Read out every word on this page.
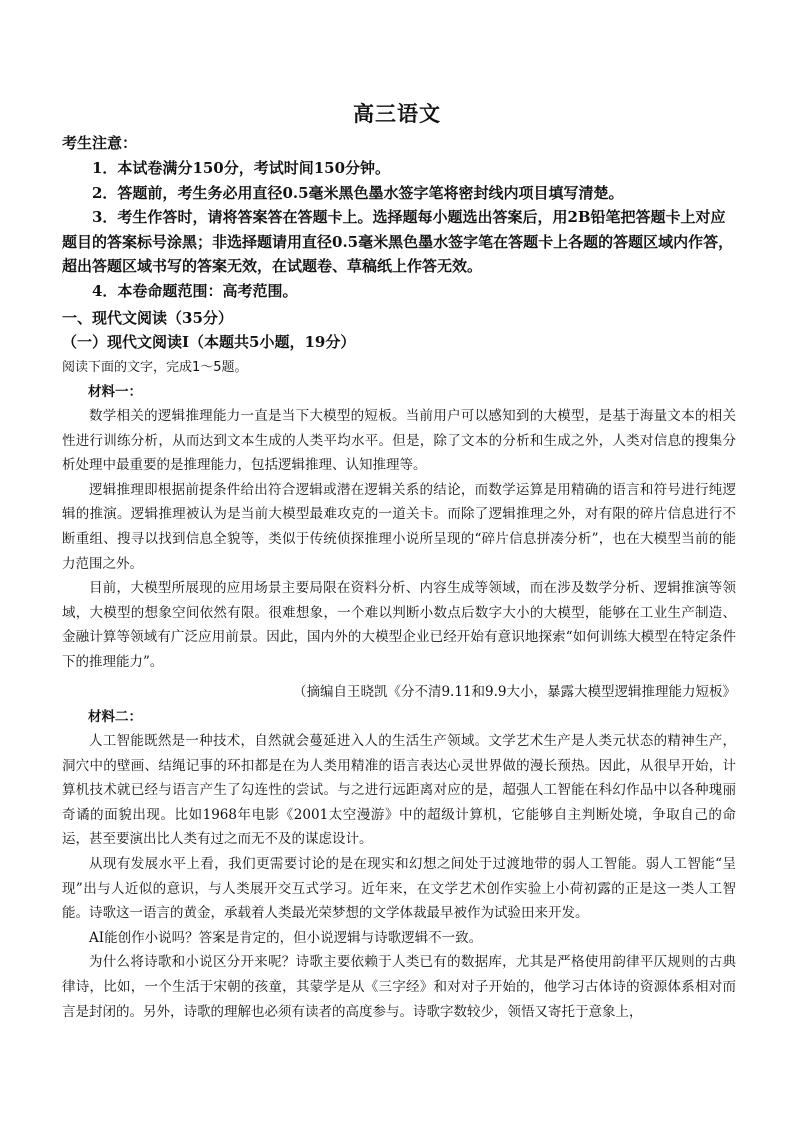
高三语文
考生注意：

1．本试卷满分150分，考试时间150分钟。

2．答题前，考生务必用直径0.5毫米黑色墨水签字笔将密封线内项目填写清楚。

3．考生作答时，请将答案答在答题卡上。选择题每小题选出答案后，用2B铅笔把答题卡上对应题目的答案标号涂黑；非选择题请用直径0.5毫米黑色墨水签字笔在答题卡上各题的答题区域内作答，超出答题区域书写的答案无效，在试题卷、草稿纸上作答无效。

4．本卷命题范围：高考范围。

一、现代文阅读（35分）
（一）现代文阅读Ⅰ（本题共5小题，19分）
阅读下面的文字，完成1～5题。
材料一：

数学相关的逻辑推理能力一直是当下大模型的短板。当前用户可以感知到的大模型，是基于海量文本的相关性进行训练分析，从而达到文本生成的人类平均水平。但是，除了文本的分析和生成之外，人类对信息的搜集分析处理中最重要的是推理能力，包括逻辑推理、认知推理等。

逻辑推理即根据前提条件给出符合逻辑或潜在逻辑关系的结论，而数学运算是用精确的语言和符号进行纯逻辑的推演。逻辑推理被认为是当前大模型最难攻克的一道关卡。而除了逻辑推理之外，对有限的碎片信息进行不断重组、搜寻以找到信息全貌等，类似于传统侦探推理小说所呈现的“碎片信息拼凑分析”，也在大模型当前的能力范围之外。

目前，大模型所展现的应用场景主要局限在资料分析、内容生成等领域，而在涉及数学分析、逻辑推演等领域，大模型的想象空间依然有限。很难想象，一个难以判断小数点后数字大小的大模型，能够在工业生产制造、金融计算等领域有广泛应用前景。因此，国内外的大模型企业已经开始有意识地探索“如何训练大模型在特定条件下的推理能力”。

（摘编自王晓凯《分不清9.11和9.9大小，暴露大模型逻辑推理能力短板》
材料二：

人工智能既然是一种技术，自然就会蔓延进入人的生活生产领域。文学艺术生产是人类元状态的精神生产，洞穴中的壁画、结绳记事的环扣都是在为人类用精准的语言表达心灵世界做的漫长预热。因此，从很早开始，计算机技术就已经与语言产生了勾连性的尝试。与之进行远距离对应的是，超强人工智能在科幻作品中以各种瑰丽奇谲的面貌出现。比如1968年电影《2001太空漫游》中的超级计算机，它能够自主判断处境，争取自己的命运，甚至要演出比人类有过之而无不及的谋虑设计。

从现有发展水平上看，我们更需要讨论的是在现实和幻想之间处于过渡地带的弱人工智能。弱人工智能“呈现”出与人近似的意识，与人类展开交互式学习。近年来，在文学艺术创作实验上小荷初露的正是这一类人工智能。诗歌这一语言的黄金，承载着人类最光荣梦想的文学体裁最早被作为试验田来开发。

AI能创作小说吗？答案是肯定的，但小说逻辑与诗歌逻辑不一致。

为什么将诗歌和小说区分开来呢？诗歌主要依赖于人类已有的数据库，尤其是严格使用韵律平仄规则的古典律诗，比如，一个生活于宋朝的孩童，其蒙学是从《三字经》和对对子开始的，他学习古体诗的资源体系相对而言是封闭的。另外，诗歌的理解也必须有读者的高度参与。诗歌字数较少，领悟又寄托于意象上，
